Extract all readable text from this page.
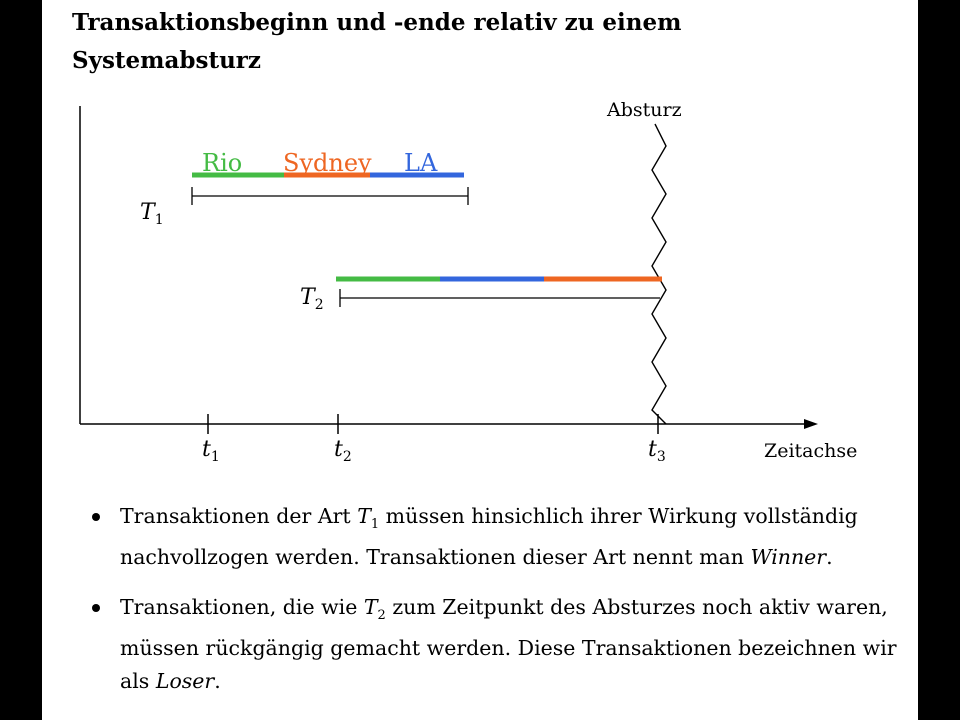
Transaktionsbeginn und -ende relativ zu einem
Systemabsturz
$t_1$	$t_2$	$t_3$	Zeitachse
Absturz
Rio Sydney LA
$T_1$
$T_2$
Transaktionen der Art $T_1$ müssen hinsichlich ihrer Wirkung vollständig nachvollzogen werden. Transaktionen dieser Art nennt man Winner.
Transaktionen, die wie $T_2$ zum Zeitpunkt des Absturzes noch aktiv waren, müssen rückgängig gemacht werden. Diese Transaktionen bezeichnen wir als Loser.
